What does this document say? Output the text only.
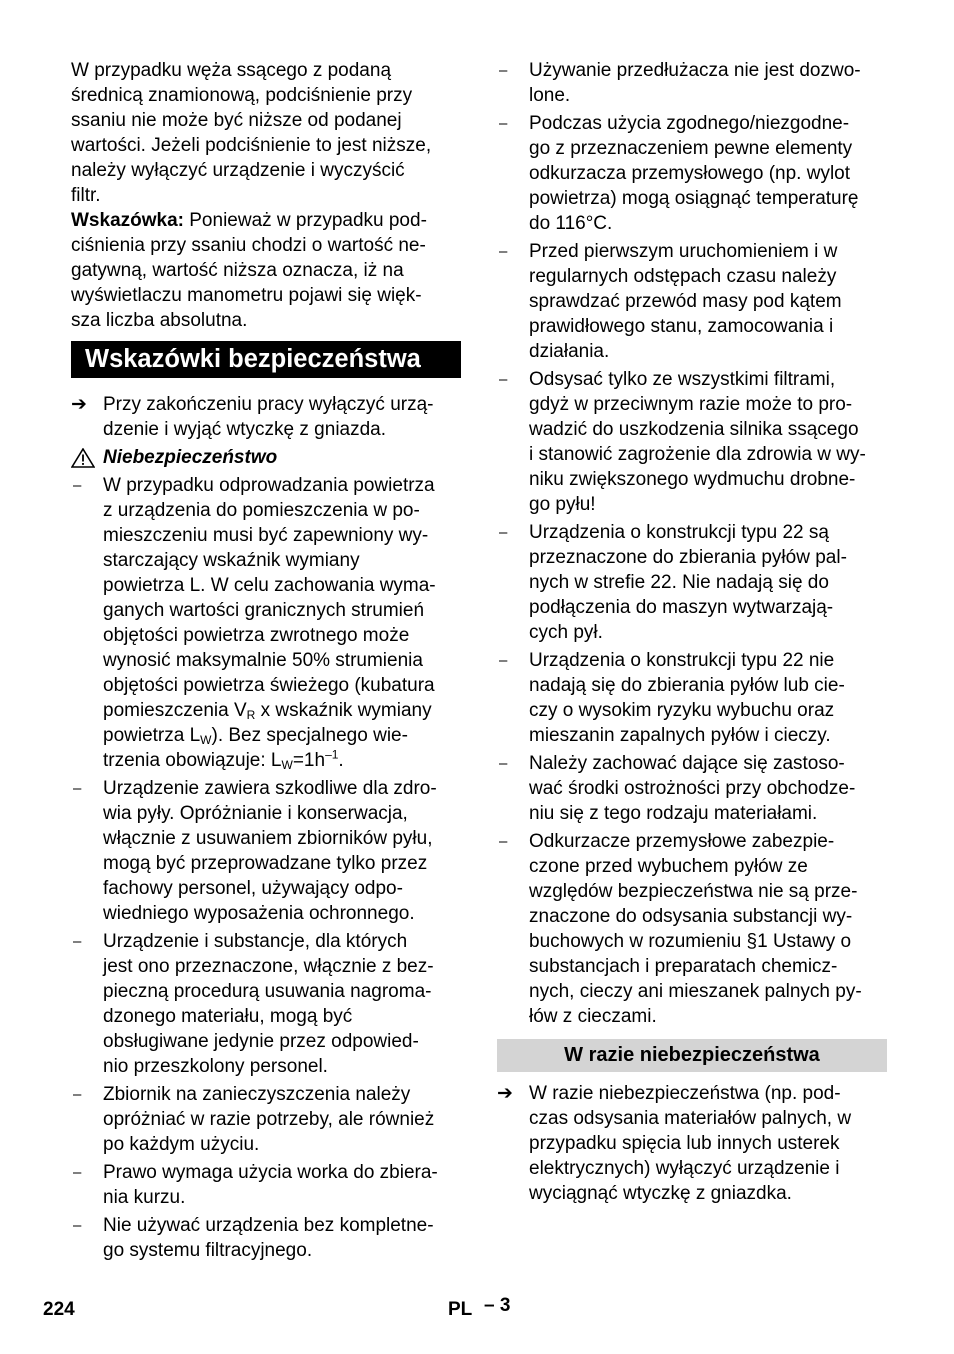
W przypadku węża ssącego z podaną
średnicą znamionową, podciśnienie przy
ssaniu nie może być niższe od podanej
wartości. Jeżeli podciśnienie to jest niższe,
należy wyłączyć urządzenie i wyczyścić
filtr.
Wskazówka: Ponieważ w przypadku pod-
ciśnienia przy ssaniu chodzi o wartość ne-
gatywną, wartość niższa oznacza, iż na
wyświetlaczu manometru pojawi się więk-
sza liczba absolutna.
Wskazówki bezpieczeństwa
➔ Przy zakończeniu pracy wyłączyć urzą-
dzenie i wyjąć wtyczkę z gniazda.
Niebezpieczeństwo
–	W przypadku odprowadzania powietrza
z urządzenia do pomieszczenia w po-
mieszczeniu musi być zapewniony wy-
starczający wskaźnik wymiany
powietrza L. W celu zachowania wyma-
ganych wartości granicznych strumień
objętości powietrza zwrotnego może
wynosić maksymalnie 50% strumienia
objętości powietrza świeżego (kubatura
pomieszczenia $V_R$ x wskaźnik wymiany
powietrza $L_W$). Bez specjalnego wie-
trzenia obowiązuje: $L_W=1h^{-1}$.
–	Urządzenie zawiera szkodliwe dla zdro-
wia pyły. Opróżnianie i konserwacja,
włącznie z usuwaniem zbiorników pyłu,
mogą być przeprowadzane tylko przez
fachowy personel, używający odpo-
wiedniego wyposażenia ochronnego.
–	Urządzenie i substancje, dla których
jest ono przeznaczone, włącznie z bez-
pieczną procedurą usuwania nagroma-
dzonego materiału, mogą być
obsługiwane jedynie przez odpowied-
nio przeszkolony personel.
–	Zbiornik na zanieczyszczenia należy
opróżniać w razie potrzeby, ale również
po każdym użyciu.
–	Prawo wymaga użycia worka do zbiera-
nia kurzu.
–	Nie używać urządzenia bez kompletne-
go systemu filtracyjnego.
–	Używanie przedłużacza nie jest dozwo-
lone.
–	Podczas użycia zgodnego/niezgodne-
go z przeznaczeniem pewne elementy
odkurzacza przemysłowego (np. wylot
powietrza) mogą osiągnąć temperaturę
do 116°C.
–	Przed pierwszym uruchomieniem i w
regularnych odstępach czasu należy
sprawdzać przewód masy pod kątem
prawidłowego stanu, zamocowania i
działania.
–	Odsysać tylko ze wszystkimi filtrami,
gdyż w przeciwnym razie może to pro-
wadzić do uszkodzenia silnika ssącego
i stanowić zagrożenie dla zdrowia w wy-
niku zwiększonego wydmuchu drobne-
go pyłu!
–	Urządzenia o konstrukcji typu 22 są
przeznaczone do zbierania pyłów pal-
nych w strefie 22. Nie nadają się do
podłączenia do maszyn wytwarzają-
cych pył.
–	Urządzenia o konstrukcji typu 22 nie
nadają się do zbierania pyłów lub cie-
czy o wysokim ryzyku wybuchu oraz
mieszanin zapalnych pyłów i cieczy.
–	Należy zachować dające się zastoso-
wać środki ostrożności przy obchodze-
niu się z tego rodzaju materiałami.
–	Odkurzacze przemysłowe zabezpie-
czone przed wybuchem pyłów ze
względów bezpieczeństwa nie są prze-
znaczone do odsysania substancji wy-
buchowych w rozumieniu §1 Ustawy o
substancjach i preparatach chemicz-
nych, cieczy ani mieszanek palnych py-
łów z cieczami.
W razie niebezpieczeństwa
➔ W razie niebezpieczeństwa (np. pod-
czas odsysania materiałów palnych, w
przypadku spięcia lub innych usterek
elektrycznych) wyłączyć urządzenie i
wyciągnąć wtyczkę z gniazdka.
224	PL – 3
